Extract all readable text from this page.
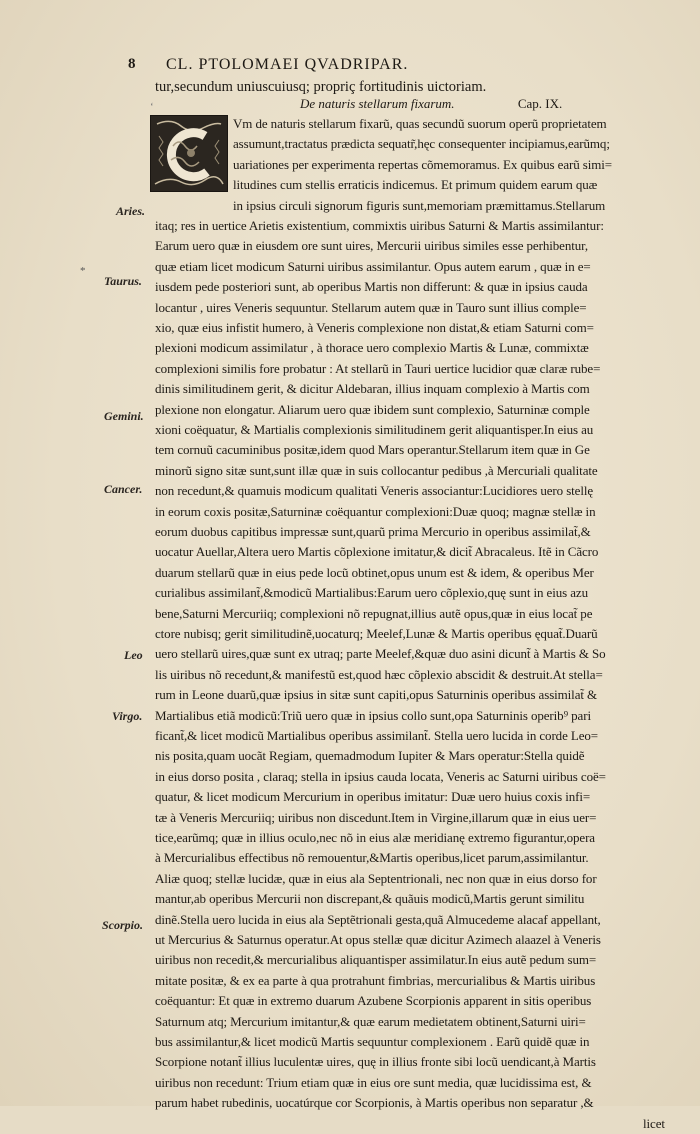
8 CL. PTOLOMAEI QVADRIPAR.
tur,secundum uniuscuiusq; propriç fortitudinis uictoriam.
‘	De naturis stellarum fixarum.	Cap. IX.
Vm de naturis stellarum fixarũ, quas secundũ suorum operũ proprietatem
assumunt,tractatus prædicta sequatr̃,hęc consequenter incipiamus,earũmq;
uariationes per experimenta repertas cõmemoramus. Ex quibus earũ simi=
litudines cum stellis erraticis indicemus. Et primum quidem earum quæ
in ipsius circuli signorum figuris sunt,memoriam præmittamus.Stellarum
itaq; res in uertice Arietis existentium, commixtis uiribus Saturni & Martis assimilantur:
Earum uero quæ in eiusdem ore sunt uires, Mercurii uiribus similes esse perhibentur,
quæ etiam licet modicum Saturni uiribus assimilantur. Opus autem earum , quæ in e=
iusdem pede posteriori sunt, ab operibus Martis non differunt: & quæ in ipsius cauda
locantur , uires Veneris sequuntur. Stellarum autem quæ in Tauro sunt illius comple=
xio, quæ eius infistit humero, à Veneris complexione non distat,& etiam Saturni com=
plexioni modicum assimilatur , à thorace uero complexio Martis & Lunæ, commixtæ
complexioni similis fore probatur : At stellarũ in Tauri uertice lucidior quæ claræ rube=
dinis similitudinem gerit, & dicitur Aldebaran, illius inquam complexio à Martis com
plexione non elongatur. Aliarum uero quæ ibidem sunt complexio, Saturninæ comple
xioni coëquatur, & Martialis complexionis similitudinem gerit aliquantisper.In eius au
tem cornuũ cacuminibus positæ,idem quod Mars operantur.Stellarum item quæ in Ge
minorũ signo sitæ sunt,sunt illæ quæ in suis collocantur pedibus ,à Mercuriali qualitate
non recedunt,& quamuis modicum qualitati Veneris associantur:Lucidiores uero stellę
in eorum coxis positæ,Saturninæ coëquantur complexioni:Duæ quoq; magnæ stellæ in
eorum duobus capitibus impressæ sunt,quarũ prima Mercurio in operibus assimilat̃,&
uocatur Auellar,Altera uero Martis cõplexione imitatur,& dicit̃ Abracaleus. Itẽ in Cãcro
duarum stellarũ quæ in eius pede locũ obtinet,opus unum est & idem, & operibus Mer
curialibus assimilant̃,&modicũ Martialibus:Earum uero cõplexio,quę sunt in eius azu
bene,Saturni Mercuriiq; complexioni nõ repugnat,illius autẽ opus,quæ in eius locat̃ pe
ctore nubisq; gerit similitudinẽ,uocaturq; Meelef,Lunæ & Martis operibus ęquat̃.Duarũ
uero stellarũ uires,quæ sunt ex utraq; parte Meelef,&quæ duo asini dicunt̃ à Martis & So
lis uiribus nõ recedunt,& manifestũ est,quod hæc cõplexio abscidit & destruit.At stella=
rum in Leone duarũ,quæ ipsius in sitæ sunt capiti,opus Saturninis operibus assimilat̃ &
Martialibus etiã modicũ:Triũ uero quæ in ipsius collo sunt,opa Saturninis operib⁹ pari
ficant̃,& licet modicũ Martialibus operibus assimilant̃. Stella uero lucida in corde Leo=
nis posita,quam uocãt Regiam, quemadmodum Iupiter & Mars operatur:Stella quidẽ
in eius dorso posita , claraq; stella in ipsius cauda locata, Veneris ac Saturni uiribus coë=
quatur, & licet modicum Mercurium in operibus imitatur: Duæ uero huius coxis infi=
tæ à Veneris Mercuriiq; uiribus non discedunt.Item in Virgine,illarum quæ in eius uer=
tice,earũmq; quæ in illius oculo,nec nõ in eius alæ meridianę extremo figurantur,opera
à Mercurialibus effectibus nõ remouentur,&Martis operibus,licet parum,assimilantur.
Aliæ quoq; stellæ lucidæ, quæ in eius ala Septentrionali, nec non quæ in eius dorso for
mantur,ab operibus Mercurii non discrepant,& quãuis modicũ,Martis gerunt similitu
dinẽ.Stella uero lucida in eius ala Septẽtrionali gesta,quã Almucedeme alacaf appellant,
ut Mercurius & Saturnus operatur.At opus stellæ quæ dicitur Azimech alaazel à Veneris
uiribus non recedit,& mercurialibus aliquantisper assimilatur.In eius autẽ pedum sum=
mitate positæ, & ex ea parte à qua protrahunt fimbrias, mercurialibus & Martis uiribus
coëquantur: Et quæ in extremo duarum Azubene Scorpionis apparent in sitis operibus
Saturnum atq; Mercurium imitantur,& quæ earum medietatem obtinent,Saturni uiri=
bus assimilantur,& licet modicũ Martis sequuntur complexionem . Earũ quidẽ quæ in
Scorpione notant̃ illius luculentæ uires, quę in illius fronte sibi locũ uendicant,à Martis
uiribus non recedunt: Trium etiam quæ in eius ore sunt media, quæ lucidissima est, &
parum habet rubedinis, uocatúrque cor Scorpionis, à Martis operibus non separatur ,&
licet
Aries.
*
Taurus.
Gemini.
Cancer.
Leo
Virgo.
Scorpio.
